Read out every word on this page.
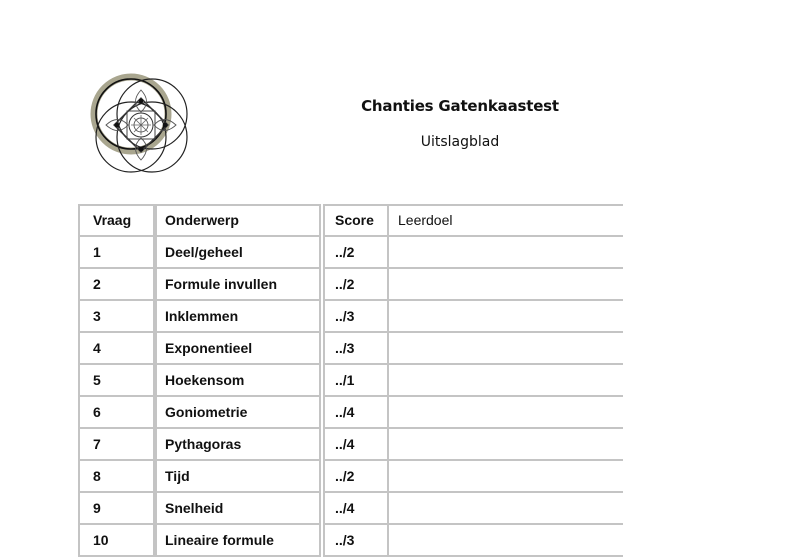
Chanties Gatenkaastest
Uitslagblad
Vraag
1
2
3
4
5
6
7
8
9
10
Onderwerp
Deel/geheel
Formule invullen
Inklemmen
Exponentieel
Hoekensom
Goniometrie
Pythagoras
Tijd
Snelheid
Lineaire formule
Score
../2
../2
../3
../3
../1
../4
../4
../2
../4
../3
Leerdoel
